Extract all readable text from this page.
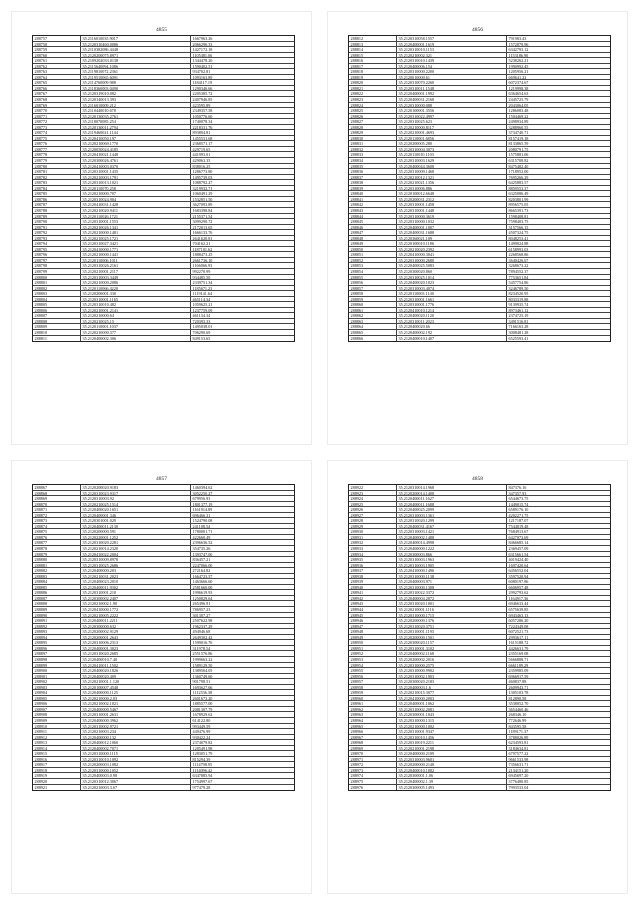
4855
288757	35.2116010035.9017	1667963.26
288758	35.2120310460.0086	2066296.33
288759	35.2110382086.4448	1427172.18
288760	35.2120200075.8971	1105481.06
288761	35.2109202033.0138	1344478.20
288762	35.2115640094.1086	1590402.51
288763	35.2119810072.2361	934702.81
288764	35.2119510065.6091	1093163.89
288765	35.2114760009.988	1184117.19
288766	35.2118360003.0490	1290346.66
288767	35.2120319010.082	2205385.72
288768	35.2120140013.393	2407946.85
288769	35.2116010009.212	423595.89
288770	35.2110440010.678	2349357.58
288771	35.2120130035.2761	1050776.60
288772	35.2118070085.254	1740078.34
288773	35.2120130011.2794	2218331.76
288774	35.2119460021.1144	893894.81
288775	35.2120410050.197	1455531.68
288776	35.2120210069.1770	2368571.17
288777	35.2120050024.4185	429719.65
288778	35.2120410021.1448	441993.01
288779	35.2120300026.4761	429063.35
288780	35.2120410003.0370	838016.25
288781	35.2120310001.1435	1286773.80
288782	35.2120210003.1791	1495739.03
288783	35.2120310013.1021	1088792.27
288784	35.2120110070.258	3219932.71
288785	35.2120210000.707	1060491.29
288786	35.2120310024.904	1532851.50
288787	35.2120410031.1428	3627093.89
288788	35.2120210020.9411	1683398.84
288789	35.2120110026.1721	2155371.54
288790	35.2120310001.1553	3099290.72
288791	35.2120210026.1341	2172013.65
288792	35.2120210000.1481	1666133.76
288793	35.2120210025.1721	2641620.81
288794	35.2120310027.3421	704162.21
288795	35.2120410000.1771	1187101.62
288796	35.2120210000.1441	1888473.25
288797	35.2120110006.1011	2661736.10
288798	35.2120310026.2161	1166066.93
288799	35.2120210001.2117	992270.99
288800	35.2120310003.3449	934485.50
288801	35.2120210000.2086	2339751.34
288802	35.2120110066.4220	1185671.23
288803	35.2120200001.330	1119141.64
288804	35.2120310001.1165	465114.34
288805	35.2120310010.482	1059625.21
288806	35.2120210001.2141	1237759.09
288807	35.2120210000.64	461134.34
288808	35.2120210025.15	720393.33
288809	35.2120110001.1037	1495038.01
288810	35.2120210000.377	706290.69
288811	35.2120400002.306	849153.65
4856
288812	35.2120310058.1557	791983.43
288813	35.2120400001.1619	1572079.96
288814	35.2120310010.1153	6342793.12
288815	35.2120210002.321	1153186.90
288816	35.2120310010.1439	5238262.21
288817	35.2120400006.154	1990992.45
288818	35.2120310000.2200	1205956.21
288819	35.2120010000.61	669641.22
288820	35.2120310070.2260	6072374.67
288821	35.2120310011.1548	1219998.38
288822	35.2120400001.1992	6364654.63
288823	35.2120400031.2168	2445725.79
288824	35.2120310000.088	2043064.05
288825	35.2120100001.3556	1286083.48
288826	35.2120310022.4997	1504469.22
288827	35.2120310025.623	2498934.89
288828	35.2120210000.8117	3288960.55
288829	35.2120210001.4693	3734740.71
288830	35.2120110001.6856	8157419.18
288831	35.2120200005.280	8133865.59
288832	35.2120310004.3073	2080791.75
288833	35.2120110010.1103	1575881.06
288834	35.2120310003.1629	6315708.82
288835	35.2120400044.3608	8475482.40
288836	35.2120310009.1468	1718952.00
288837	35.2120210012.1321	7695266.29
288838	35.2120210021.1356	6425883.57
288839	35.2120310006.886	8859553.37
288840	35.2120100012.6648	6325086.49
288841	35.2120200031.2312	8203801.99
288842	35.2120310001.1458	8956575.05
288843	35.2120310001.1448	8665391.73
288844	35.2120310000.3619	1598408.81
288845	35.2120310000.1032	7598403.75
288846	35.2120400001.1007	3157566.15
288847	35.2120400031.1688	4507324.75
288848	35.2120360021.109	8048253.41
288849	35.2120100010.1186	1499024.88
288850	35.2120210020.2392	6158993.03
288851	35.2120410000.3041	2268568.86
288852	35.2120310000.2680	3640426.67
288853	35.2120400025.5083	3268673.22
288854	35.2120300020.860	7894552.37
288855	35.2120310025.1014	7753651.84
288856	35.2120400020.1023	5457754.86
288857	35.2120310003.4074	3246789.50
288858	35.2120110003.1140	8234520.95
288859	35.2120310001.1661	8033319.88
288860	35.2120310001.1776	9139935.74
288861	35.2120410010.1214	8973461.12
288862	35.2120400020.1120	2374725.19
288863	35.2120310011.2023	3491516.81
288864	35.2120400020.66	7166163.28
288865	35.2120400002.192	3008481.28
288866	35.2120400010.1407	6525593.41
4857
288867	35.2120200020.9183	1460394.62
288868	35.2120310023.9317	3052250.27
288869	35.2120310003.92	679956.93
288870	35.2120210025.1514	1801377.19
288871	35.2120400020.1651	1161914.89
288872	35.2120400001.346	696466.31
288873	35.2120301001.029	1524790.08
288874	35.2120400011.2130	241108.54
288875	35.2120200000.591	1780001.71
288876	35.2120220001.1252	422660.49
288877	35.2120310020.2281	2396636.52
288878	35.2120210014.2320	354735.26
288879	35.2120410022.2004	1393747.00
288880	35.2120310009.8978	836457.21
288881	35.2120310025.2686	2247066.00
288882	35.2120400000.203	272164.82
288883	35.2120210031.2023	1664723.57
288884	35.2120400023.2010	1463666.60
288885	35.2120400011.9302	2581660.00
288886	35.2120310001.210	1996619.93
288887	35.2120300002.2407	1250829.64
288888	35.2120210002.1.90	265496.91
288889	35.2120410000.1772	786957.23
288890	35.2120210005.2222	301307.27
288891	35.2120400011.2211	2507622.98
288892	35.2120300000.632	1962337.29
288893	35.2120200002.9129	494946.68
288894	35.2120200001.2643	2649302.42
288895	35.2120310006.2313	1599016.76
288896	35.2120400001.3023	311978.54
288897	35.2120310020.2685	2551576.86
288898	35.2120400010.7.40	1999663.22
288899	35.2120410011.1502	1589129.50
288900	35.2120400020.1826	1389504.05
288901	35.2120400020.409	1360749.60
288902	35.2120210001.1.120	901798.51
288903	35.2120100007.4548	1693627.66
288904	35.2120400000.1125	1112536.38
288905	35.2120210000.2.03	2601673.20
288906	35.2120210002.1021	1885577.00
288907	35.2120400000.5467	2081307.79
288908	35.2120310001.2631	1678929.62
288909	35.2120400000.3962	614122.80
288910	35.2120310002.9721	993449.59
288911	35.2120210003.234	449476.99
288912	35.2120400000.132	930422.24
288913	35.2120400012.1060	2374079.82
288914	35.2120400002.7071	1205491.98
288915	35.2120310000.1115	1283051.79
288916	35.2120310010.1092	815294.39
288917	35.2120200003.1082	1114798.95
288918	35.2120310000.1052	1114096.42
288919	35.2120400003.0.98	6347885.94
288920	35.2120310012.3067	1754997.67
288921	35.2120210003.3.67	977479.28
4858
288922	35.2120310014.1968	847376.16
288923	35.2120200014.1408	347357.93
288924	35.2120400011.1627	6544673.75
288925	35.2120400011.1688	1449015.74
288926	35.2120400025.2099	6589176.10
288927	35.2120310003.1361	4202271.75
288928	35.2120310020.1299	1217187.07
288929	35.2120400031.4167	7544819.48
288930	35.2120310003.1421	7684913.67
288931	35.2120400002.1488	6427073.69
288932	35.2120400014.4998	8466685.14
288933	35.2120400000.1222	2369457.09
288934	35.2120300003.866	6315661.54
288935	35.2120310003.1963	4019424.40
288936	35.2120310003.1905	1697420.64
288937	35.2120410000.1496	6456552.04
288938	35.2120310000.1138	3597520.94
288939	35.2120400003.971	6080197.86
288940	35.2120310000.1308	6606957.48
288941	35.2120310022.3372	2992793.62
288942	35.2120400004.2872	1164917.36
288943	35.2120310020.1001	6946633.44
288944	35.2120210001.1116	6575639.85
288945	35.2120310000.1715	6943463.13
288946	35.2120200000.1376	6057286.20
288947	35.2120310020.3751	7224349.08
288948	35.2120310001.1193	6072521.73
288949	35.2120200000.1501	2993617.11
288950	35.2120300020.1157	1615188.72
288951	35.2120310001.3102	4426631.79
288952	35.2120400002.1168	2355169.08
288953	35.2120200002.2016	5666888.71
288954	35.2120310000.2575	6661189.29
288955	35.2120310000.9902	2359985.09
288956	35.2120310002.1903	6966917.59
288957	35.2120300020.2183	460837.88
288958	35.2120400003.1.6	2609943.71
288959	35.2120210015.3077	1305103.78
288960	35.2120410000.2003	812890.58
288961	35.2120400001.1062	3538052.70
288962	35.2120310002.2081	3654460.46
288963	35.2120300001.1043	268346.10
288964	35.2120310000.1315	772646.99
288965	35.2120210000.1002	843595.58
288966	35.2120310001.9347	1189171.37
288967	35.2120310010.1456	3788026.89
288968	35.2120310019.2211	6234593.81
288969	35.2120210001.2198	3184634.81
288970	35.2120400000.2109	6797577.22
288971	35.2120310003.9601	9661533.98
288972	35.2120200000.2140	7356631.71
288973	35.2120400010.1082	2134151.20
288974	35.2120300001.1.06	6945697.20
288975	35.2120400002.1.39	3776480.85
288976	35.2120300005.1493	7993533.04
